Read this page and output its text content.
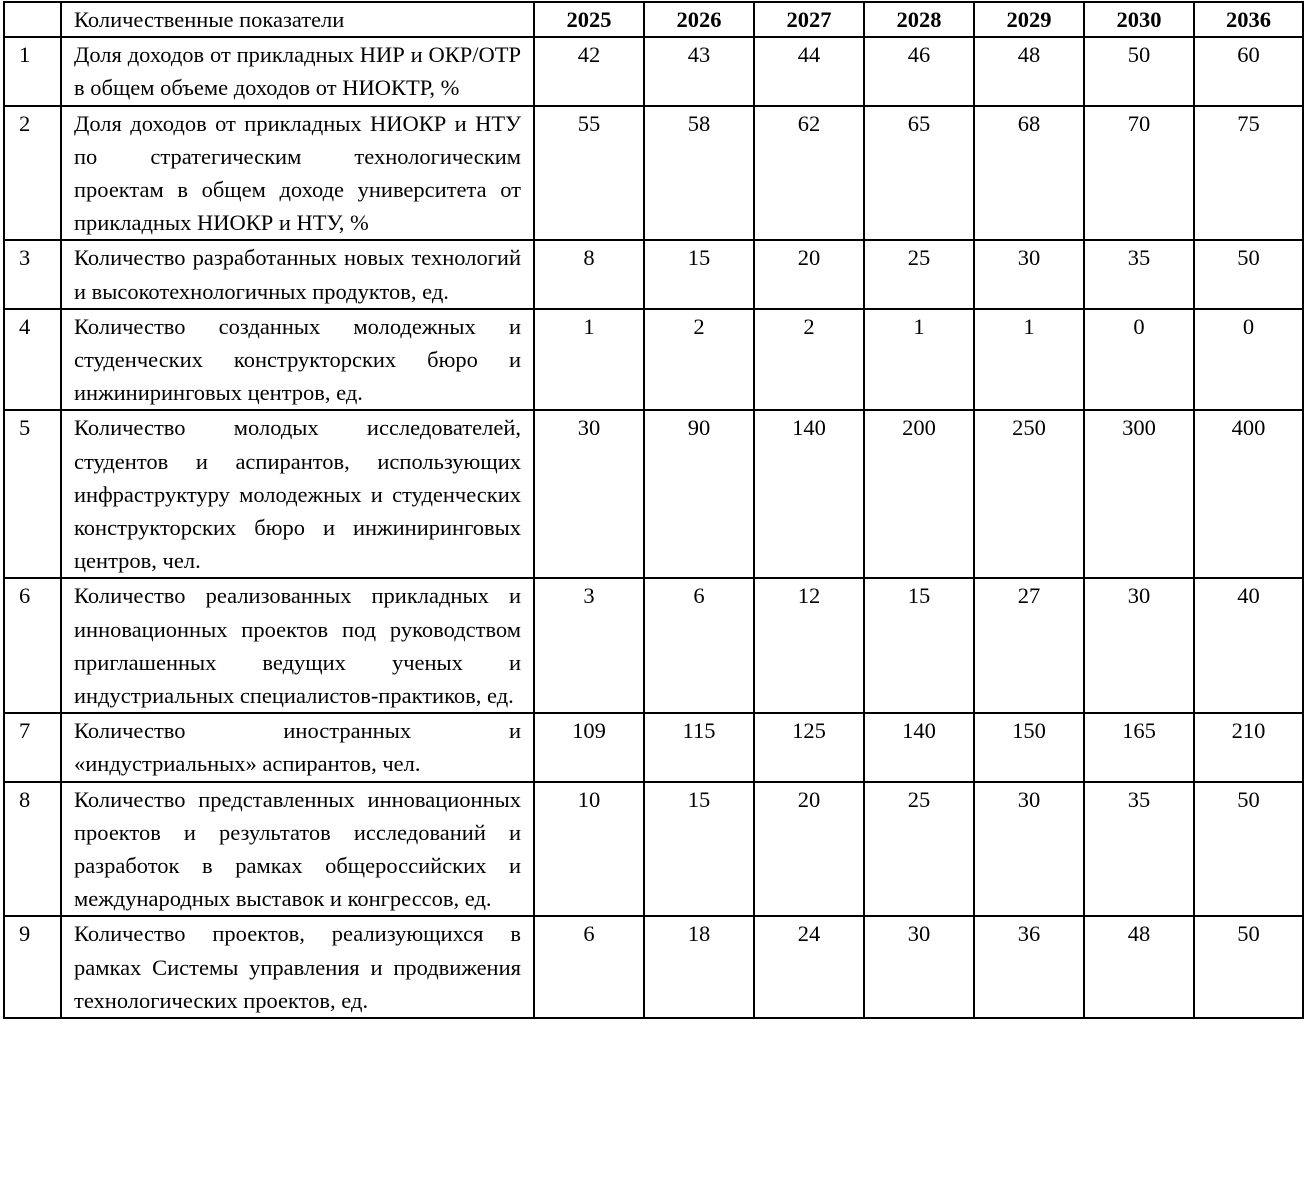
	Количественные показатели	2025	2026	2027	2028	2029	2030	2036
1	Доля доходов от прикладных НИР и ОКР/ОТР в общем объеме доходов от НИОКТР, %	42	43	44	46	48	50	60
2	Доля доходов от прикладных НИОКР и НТУ по стратегическим технологическим проектам в общем доходе университета от прикладных НИОКР и НТУ, %	55	58	62	65	68	70	75
3	Количество разработанных новых технологий и высокотехнологичных продуктов, ед.	8	15	20	25	30	35	50
4	Количество созданных молодежных и студенческих конструкторских бюро и инжиниринговых центров, ед.	1	2	2	1	1	0	0
5	Количество молодых исследователей, студентов и аспирантов, использующих инфраструктуру молодежных и студенческих конструкторских бюро и инжиниринговых центров, чел.	30	90	140	200	250	300	400
6	Количество реализованных прикладных и инновационных проектов под руководством приглашенных ведущих ученых и индустриальных специалистов-практиков, ед.	3	6	12	15	27	30	40
7	Количество иностранных и «индустриальных» аспирантов, чел.	109	115	125	140	150	165	210
8	Количество представленных инновационных проектов и результатов исследований и разработок в рамках общероссийских и международных выставок и конгрессов, ед.	10	15	20	25	30	35	50
9	Количество проектов, реализующихся в рамках Системы управления и продвижения технологических проектов, ед.	6	18	24	30	36	48	50
